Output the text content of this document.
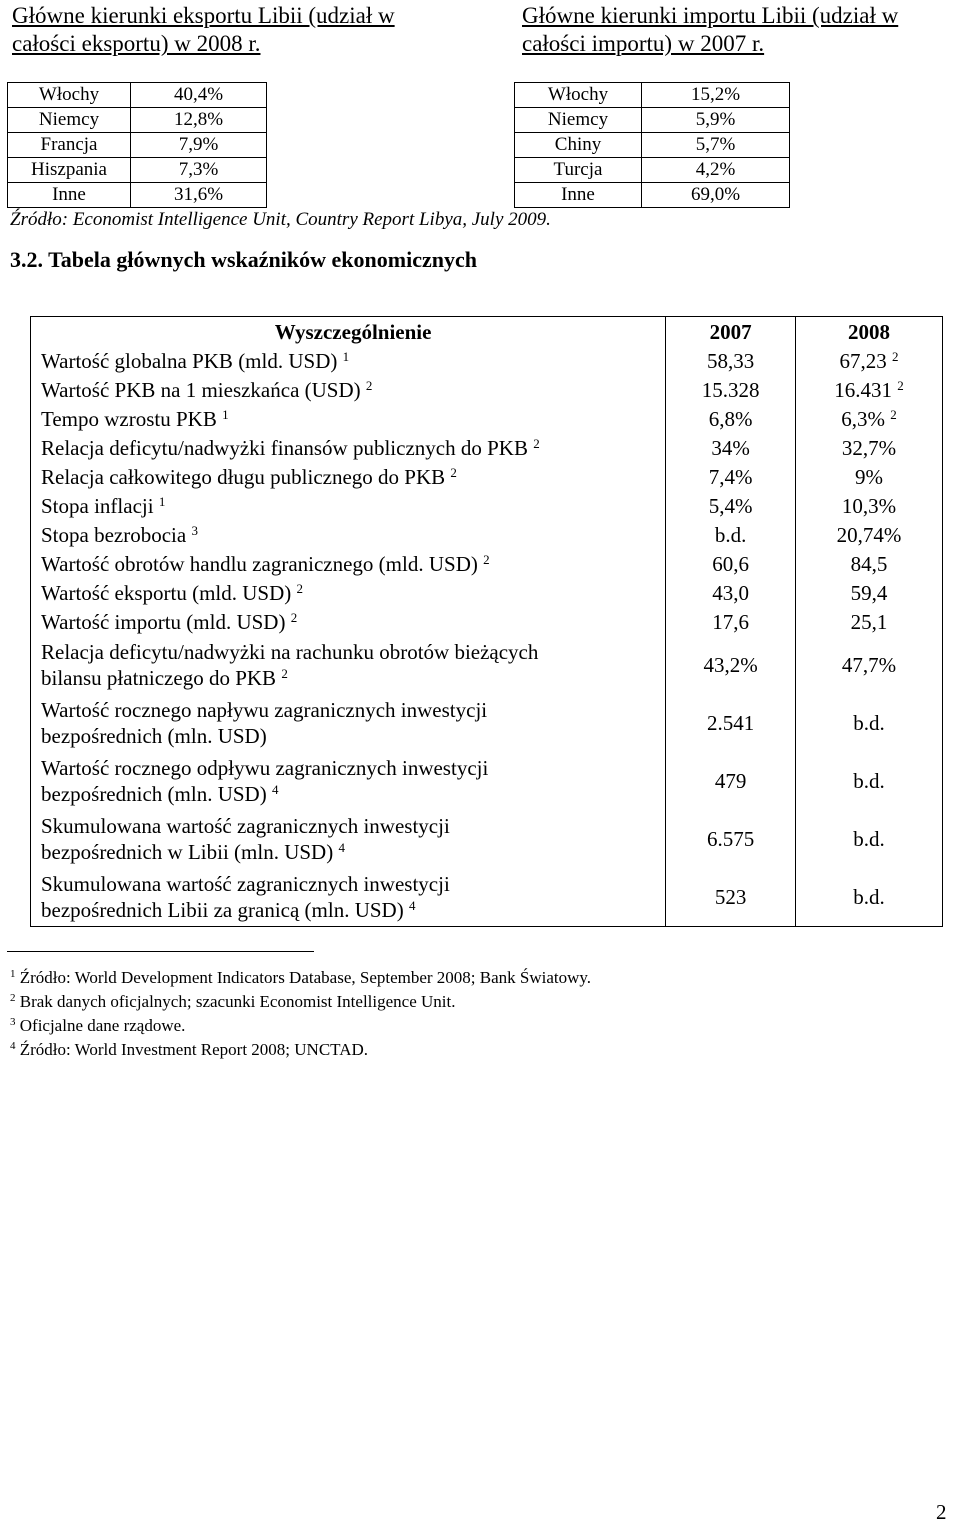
Główne kierunki eksportu Libii (udział w

całości eksportu) w 2008 r.

Główne kierunki importu Libii (udział w

całości importu) w 2007 r.

Włochy	40,4%
Niemcy	12,8%
Francja	7,9%
Hiszpania	7,3%
Inne	31,6%
Włochy	15,2%
Niemcy	5,9%
Chiny	5,7%
Turcja	4,2%
Inne	69,0%
Źródło: Economist Intelligence Unit, Country Report Libya, July 2009.
3.2. Tabela głównych wskaźników ekonomicznych
Wyszczególnienie	2007	2008
Wartość globalna PKB (mld. USD) $^1$	58,33	67,23 $^2$
Wartość PKB na 1 mieszkańca (USD) $^2$	15.328	16.431 $^2$
Tempo wzrostu PKB $^1$	6,8%	6,3% $^2$
Relacja deficytu/nadwyżki finansów publicznych do PKB $^2$	34%	32,7%
Relacja całkowitego długu publicznego do PKB $^2$	7,4%	9%
Stopa inflacji $^1$	5,4%	10,3%
Stopa bezrobocia $^3$	b.d.	20,74%
Wartość obrotów handlu zagranicznego (mld. USD) $^2$	60,6	84,5
Wartość eksportu (mld. USD) $^2$	43,0	59,4
Wartość importu (mld. USD) $^2$	17,6	25,1

Relacja deficytu/nadwyżki na rachunku obrotów bieżących
bilansu płatniczego do PKB $^2$	43,2%	47,7%

Wartość rocznego napływu zagranicznych inwestycji
bezpośrednich (mln. USD)	2.541	b.d.

Wartość rocznego odpływu zagranicznych inwestycji
bezpośrednich (mln. USD) $^4$	479	b.d.

Skumulowana wartość zagranicznych inwestycji
bezpośrednich w Libii (mln. USD) $^4$	6.575	b.d.

Skumulowana wartość zagranicznych inwestycji
bezpośrednich Libii za granicą (mln. USD) $^4$	523	b.d.
$^1$ Źródło: World Development Indicators Database, September 2008; Bank Światowy.
$^2$ Brak danych oficjalnych; szacunki Economist Intelligence Unit.
$^3$ Oficjalne dane rządowe.
$^4$ Źródło: World Investment Report 2008; UNCTAD.
2
